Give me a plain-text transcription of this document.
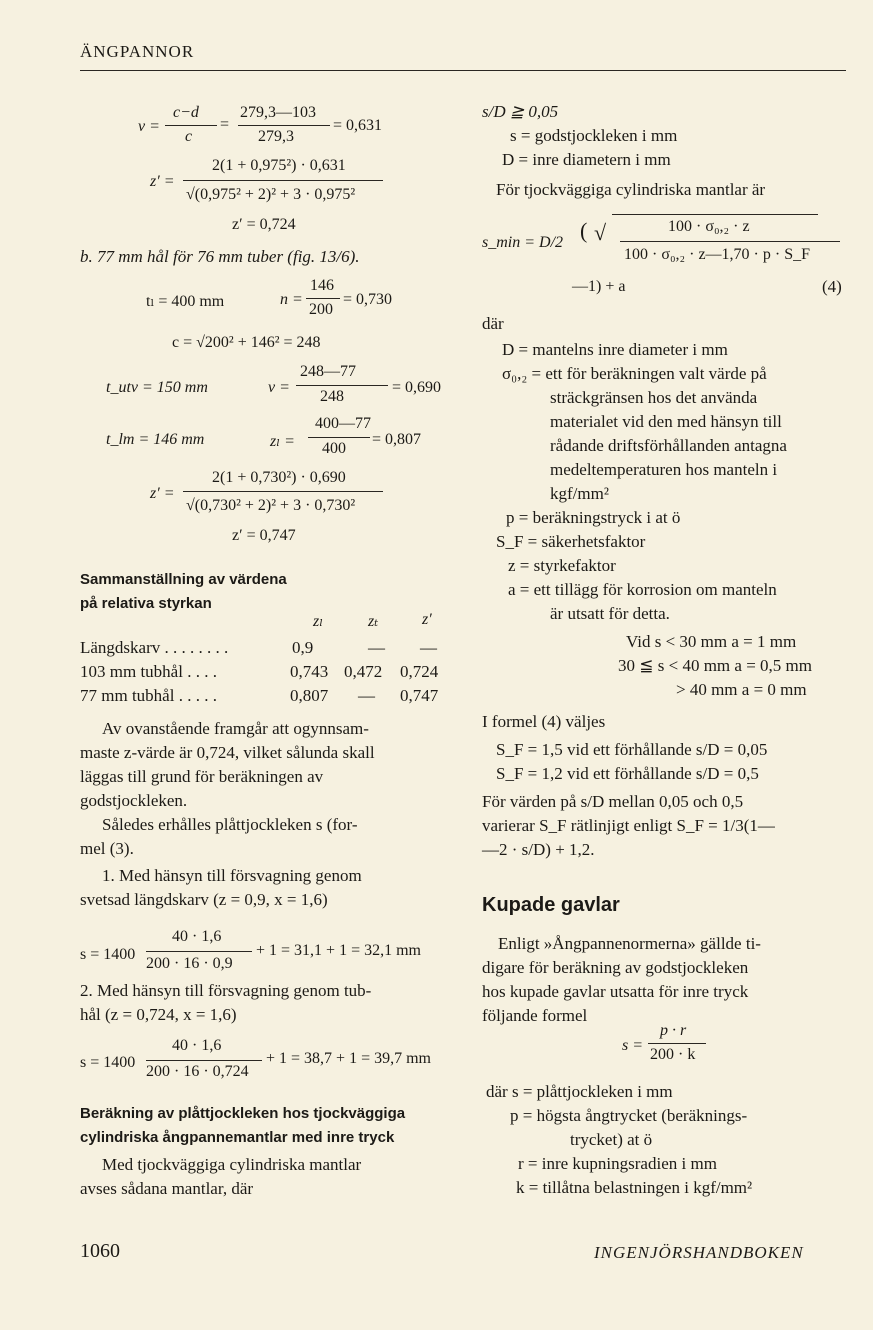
ÄNGPANNOR
v =
c−d
c
=
279,3—103
279,3
= 0,631
z′ =
2(1 + 0,975²) · 0,631
√(0,975² + 2)² + 3 · 0,975²
z′ = 0,724
b. 77 mm hål för 76 mm tuber (fig. 13/6).
tₗ = 400 mm	n =
146
200
= 0,730
c = √200² + 146² = 248
t_utv = 150 mm	v =
248—77
248
= 0,690
t_lm = 146 mm	zₗ =
400—77
400
= 0,807
z′ =
2(1 + 0,730²) · 0,690
√(0,730² + 2)² + 3 · 0,730²
z′ = 0,747
Sammanställning av värdena
på relativa styrkan
zₗ	zₜ	z′
Längdskarv . . . . . . . .	0,9	— —
103 mm tubhål . . . .	0,743 0,472 0,724
77 mm tubhål . . . . .	0,807 — 0,747
Av ovanstående framgår att ogynnsam-
maste z-värde är 0,724, vilket sålunda skall
läggas till grund för beräkningen av
godstjockleken.
Således erhålles plåttjockleken s (for-
mel (3).
1. Med hänsyn till försvagning genom
svetsad längdskarv (z = 0,9, x = 1,6)
s = 1400
40 · 1,6
200 · 16 · 0,9
+ 1 = 31,1 + 1 = 32,1 mm
2. Med hänsyn till försvagning genom tub-
hål (z = 0,724, x = 1,6)
s = 1400
40 · 1,6
200 · 16 · 0,724
+ 1 = 38,7 + 1 = 39,7 mm
Beräkning av plåttjockleken hos tjockväggiga
cylindriska ångpannemantlar med inre tryck
Med tjockväggiga cylindriska mantlar
avses sådana mantlar, där
s/D ≧ 0,05
s = godstjockleken i mm
D = inre diametern i mm
För tjockväggiga cylindriska mantlar är
s_min = D/2 ( √	100 · σ₀,₂ · z
100 · σ₀,₂ · z—1,70 · p · S_F
—1) + a	(4)
där
D = mantelns inre diameter i mm
σ₀,₂ = ett för beräkningen valt värde på
sträckgränsen hos det använda
materialet vid den med hänsyn till
rådande driftsförhållanden antagna
medeltemperaturen hos manteln i
kgf/mm²
p = beräkningstryck i at ö
S_F = säkerhetsfaktor
z = styrkefaktor
a = ett tillägg för korrosion om manteln
är utsatt för detta.
Vid s < 30 mm a = 1 mm
30 ≦ s < 40 mm a = 0,5 mm
> 40 mm a = 0 mm
I formel (4) väljes
S_F = 1,5 vid ett förhållande s/D = 0,05
S_F = 1,2 vid ett förhållande s/D = 0,5
För värden på s/D mellan 0,05 och 0,5
varierar S_F rätlinjigt enligt S_F = 1/3(1—
—2 · s/D) + 1,2.
Kupade gavlar
Enligt »Ångpannenormerna» gällde ti-
digare för beräkning av godstjockleken
hos kupade gavlar utsatta för inre tryck
följande formel
s =
p · r
200 · k
där s = plåttjockleken i mm
p = högsta ångtrycket (beräknings-
trycket) at ö
r = inre kupningsradien i mm
k = tillåtna belastningen i kgf/mm²
1060	INGENJÖRSHANDBOKEN
